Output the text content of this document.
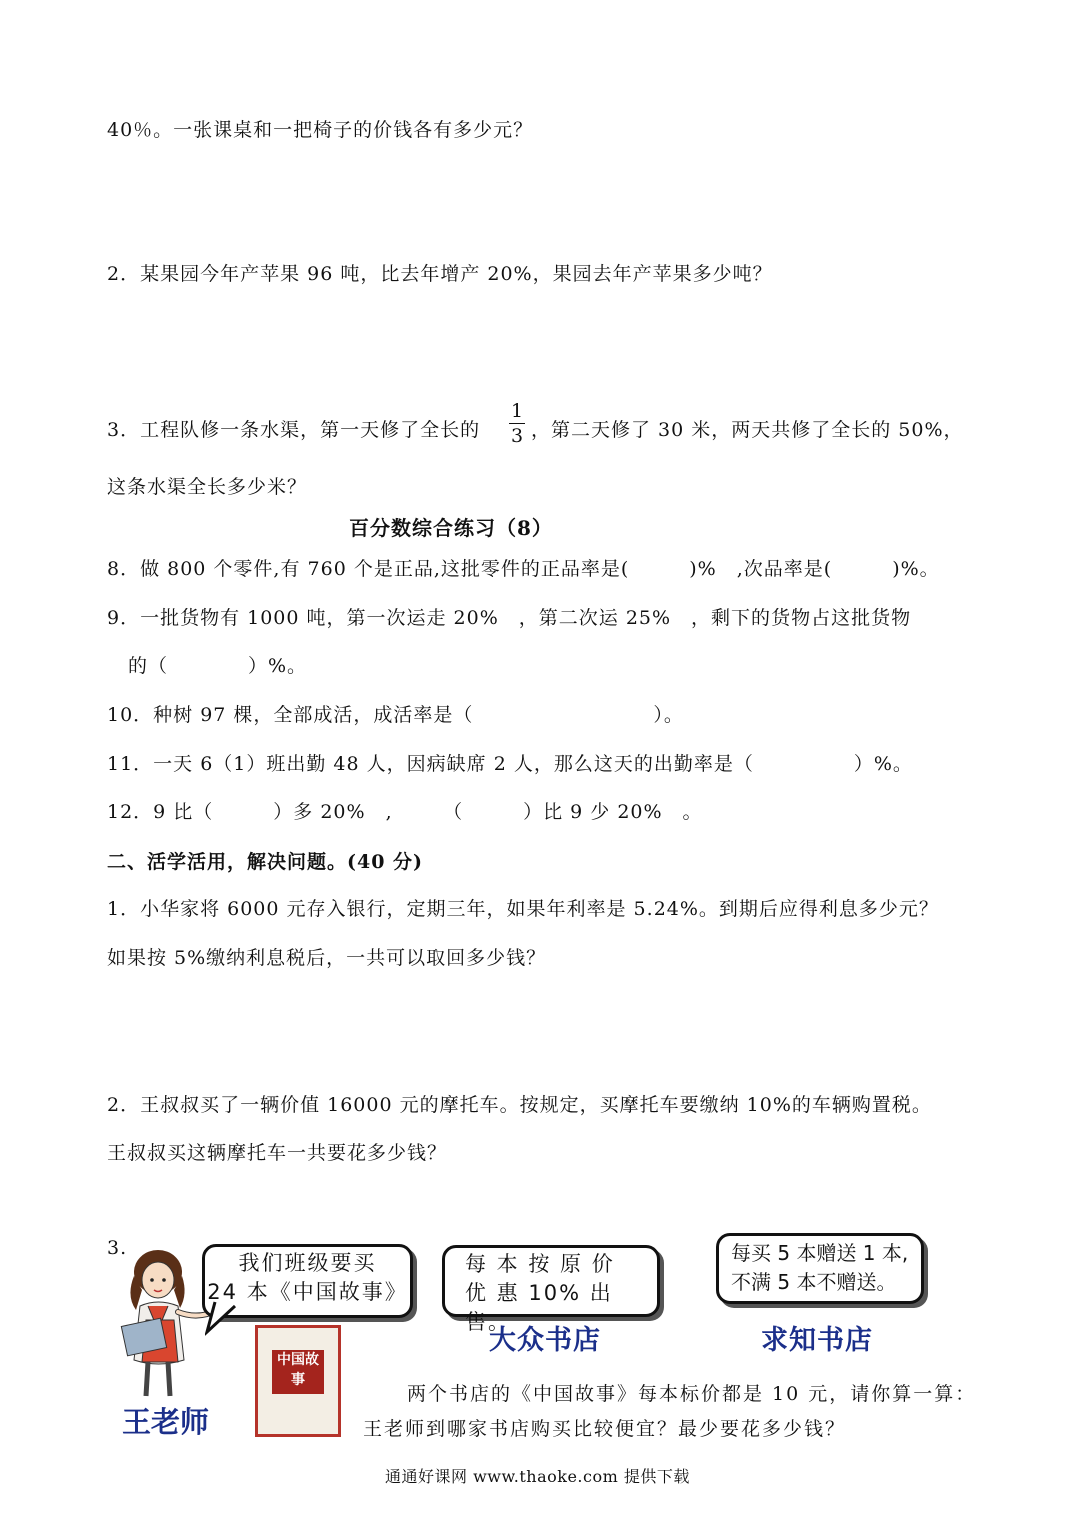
40％。一张课桌和一把椅子的价钱各有多少元？
2．某果园今年产苹果 96 吨，比去年增产 20%，果园去年产苹果多少吨？
3．工程队修一条水渠，第一天修了全长的
1
3 ，第二天修了 30 米，两天共修了全长的 50%，
这条水渠全长多少米？
百分数综合练习（8）
8．做 800 个零件,有 760 个是正品,这批零件的正品率是(　　　)%　,次品率是(　　　)%。
9．一批货物有 1000 吨，第一次运走 20%　，第二次运 25%　，剩下的货物占这批货物
的（　　　　）%。
10．种树 97 棵，全部成活，成活率是（　　　　　　　　　）。
11．一天 6（1）班出勤 48 人，因病缺席 2 人，那么这天的出勤率是（　　　　　）%。
12．9 比（　　　）多 20%　,　　　（　　　）比 9 少 20%　。
二、活学活用，解决问题。(40 分)
1．小华家将 6000 元存入银行，定期三年，如果年利率是 5.24%。到期后应得利息多少元？
如果按 5%缴纳利息税后，一共可以取回多少钱？
2．王叔叔买了一辆价值 16000 元的摩托车。按规定，买摩托车要缴纳 10%的车辆购置税。
王叔叔买这辆摩托车一共要花多少钱？
3.
王老师
我们班级要买
24 本《中国故事》
中国故事
每 本 按 原 价
优 惠 10% 出 售。
大众书店
每买 5 本赠送 1 本,
不满 5 本不赠送。
求知书店
两个书店的《中国故事》每本标价都是 10 元，请你算一算：
王老师到哪家书店购买比较便宜？最少要花多少钱？
通通好课网 www.thaoke.com 提供下载
